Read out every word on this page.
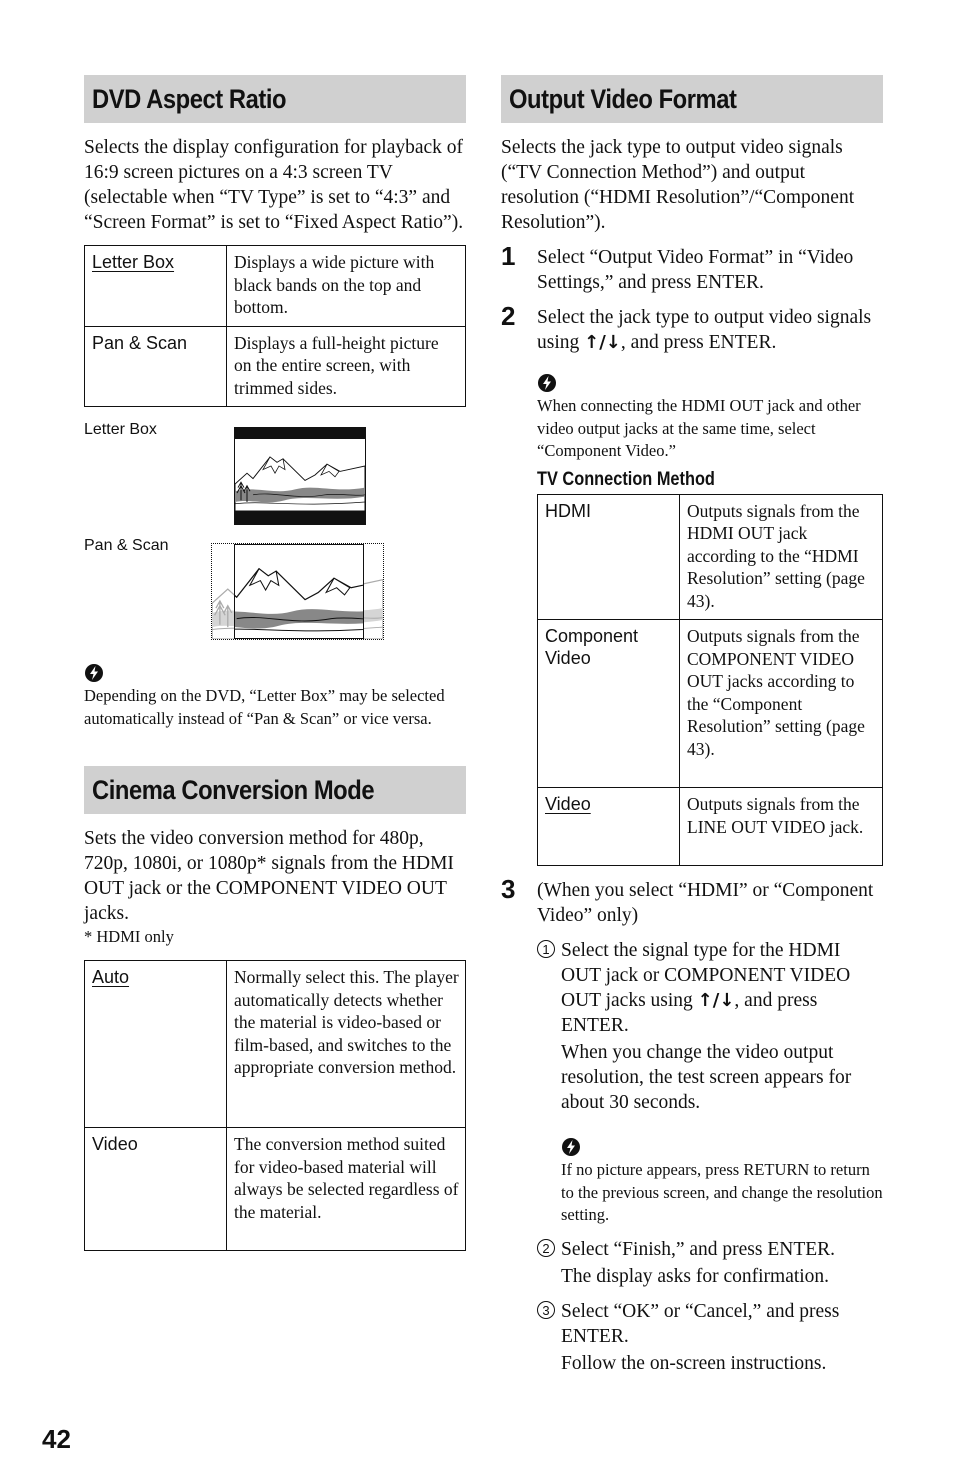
DVD Aspect Ratio

Selects the display configuration for playback of 16:9 screen pictures on a 4:3 screen TV (selectable when “TV Type” is set to “4:3” and “Screen Format” is set to “Fixed Aspect Ratio”).

Letter Box	Displays a wide picture with black bands on the top and bottom.
Pan & Scan	Displays a full-height picture on the entire screen, with trimmed sides.
Letter Box
Pan & Scan

Depending on the DVD, “Letter Box” may be selected automatically instead of “Pan & Scan” or vice versa.

Cinema Conversion Mode

Sets the video conversion method for 480p, 720p, 1080i, or 1080p* signals from the HDMI OUT jack or the COMPONENT VIDEO OUT jacks.

* HDMI only

Auto	Normally select this. The player automatically detects whether the material is video-based or film-based, and switches to the appropriate conversion method.
Video	The conversion method suited for video-based material will always be selected regardless of the material.
Output Video Format

Selects the jack type to output video signals (“TV Connection Method”) and output resolution (“HDMI Resolution”/“Component Resolution”).

1 Select “Output Video Format” in “Video Settings,” and press ENTER.

2 Select the jack type to output video signals using ↑/↓, and press ENTER.

When connecting the HDMI OUT jack and other video output jacks at the same time, select “Component Video.”

TV Connection Method
HDMI	Outputs signals from the HDMI OUT jack according to the “HDMI Resolution” setting (page 43).
Component Video	Outputs signals from the COMPONENT VIDEO OUT jacks according to the “Component Resolution” setting (page 43).
Video	Outputs signals from the LINE OUT VIDEO jack.
3 (When you select “HDMI” or “Component Video” only)

1 Select the signal type for the HDMI OUT jack or COMPONENT VIDEO OUT jacks using ↑/↓, and press ENTER.

When you change the video output resolution, the test screen appears for about 30 seconds.

If no picture appears, press RETURN to return to the previous screen, and change the resolution setting.

2 Select “Finish,” and press ENTER.

The display asks for confirmation.

3 Select “OK” or “Cancel,” and press ENTER.

Follow the on-screen instructions.

42
